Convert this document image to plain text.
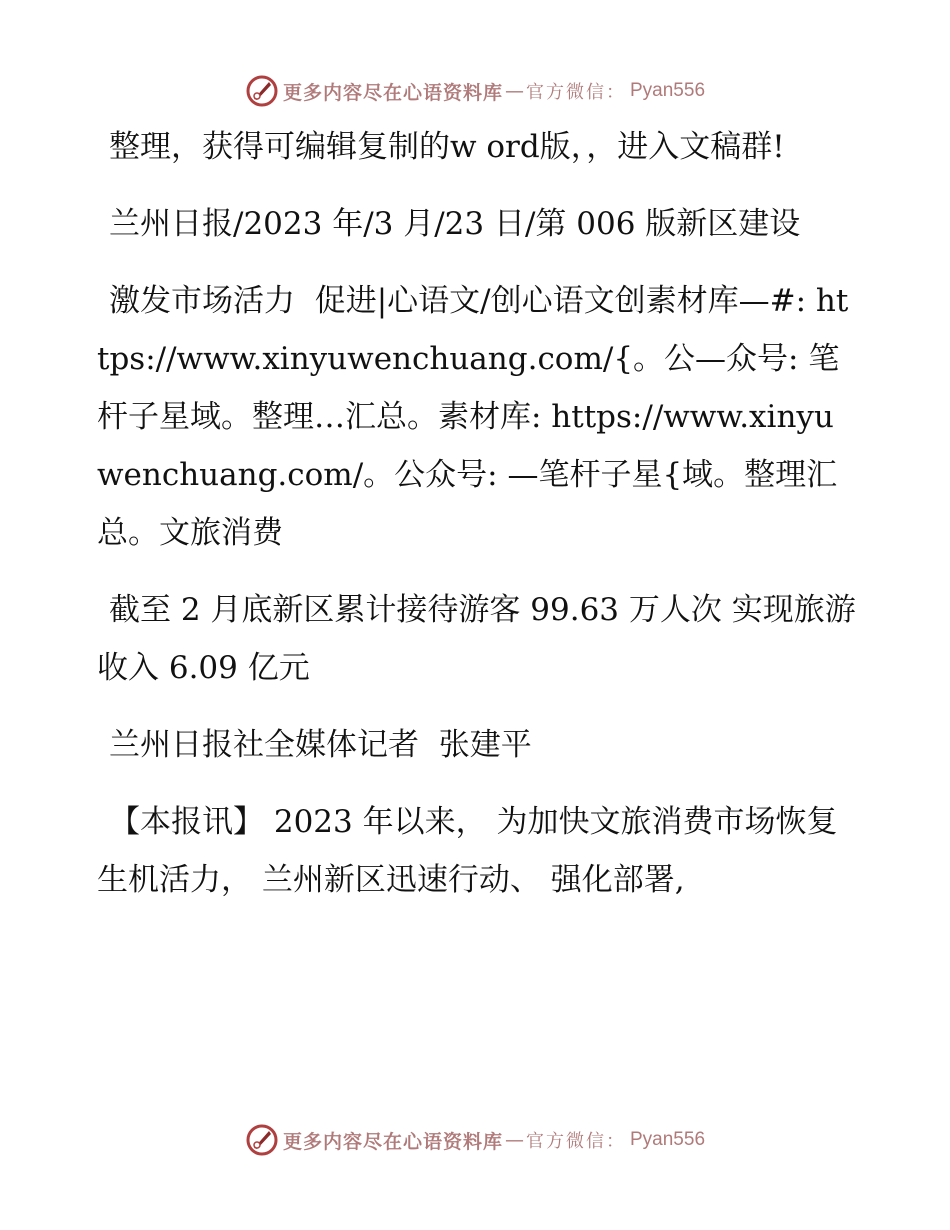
更多内容尽在心语资料库 — 官方微信： Pyan556

整理，获得可编辑复制的w ord版，，进入文稿群!

兰州日报/2023 年/3 月/23 日/第 006 版新区建设

激发市场活力  促进|心语文/创心语文创素材库—#: https://www.xinyuwenchuang.com/{。公—众号: 笔杆子星域。整理…汇总。素材库: https://www.xinyuwenchuang.com/。公众号: —笔杆子星{域。整理汇总。文旅消费

截至 2 月底新区累计接待游客 99.63 万人次 实现旅游收入 6.09 亿元

兰州日报社全媒体记者  张建平

【本报讯】 2023 年以来， 为加快文旅消费市场恢复生机活力， 兰州新区迅速行动、 强化部署,

更多内容尽在心语资料库 — 官方微信： Pyan556
